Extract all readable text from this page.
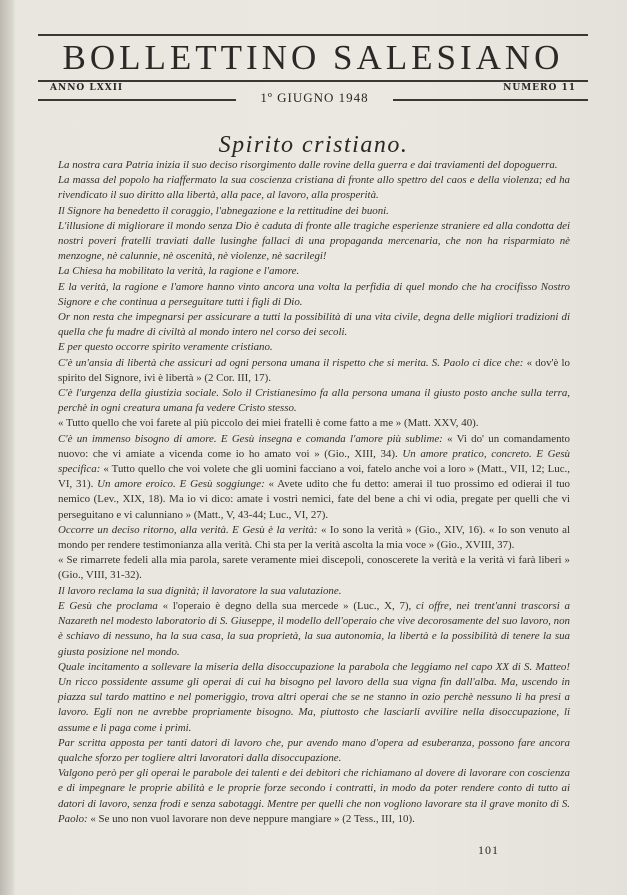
BOLLETTINO SALESIANO
ANNO LXXII	NUMERO 11
1º GIUGNO 1948
Spirito cristiano.

La nostra cara Patria inizia il suo deciso risorgimento dalle rovine della guerra e dai traviamenti del dopoguerra.

La massa del popolo ha riaffermato la sua coscienza cristiana di fronte allo spettro del caos e della violenza; ed ha rivendicato il suo diritto alla libertà, alla pace, al lavoro, alla prosperità.

Il Signore ha benedetto il coraggio, l'abnegazione e la rettitudine dei buoni.

L'illusione di migliorare il mondo senza Dio è caduta di fronte alle tragiche esperienze straniere ed alla condotta dei nostri poveri fratelli traviati dalle lusinghe fallaci di una propaganda mercenaria, che non ha risparmiato nè menzogne, nè calunnie, nè oscenità, nè violenze, nè sacrilegi!

La Chiesa ha mobilitato la verità, la ragione e l'amore.

E la verità, la ragione e l'amore hanno vinto ancora una volta la perfidia di quel mondo che ha crocifisso Nostro Signore e che continua a perseguitare tutti i figli di Dio.

Or non resta che impegnarsi per assicurare a tutti la possibilità di una vita civile, degna delle migliori tradizioni di quella che fu madre di civiltà al mondo intero nel corso dei secoli.

E per questo occorre spirito veramente cristiano.

C'è un'ansia di libertà che assicuri ad ogni persona umana il rispetto che si merita. S. Paolo ci dice che: « dov'è lo spirito del Signore, ivi è libertà » (2 Cor. III, 17).

C'è l'urgenza della giustizia sociale. Solo il Cristianesimo fa alla persona umana il giusto posto anche sulla terra, perchè in ogni creatura umana fa vedere Cristo stesso.

« Tutto quello che voi farete al più piccolo dei miei fratelli è come fatto a me » (Matt. XXV, 40).

C'è un immenso bisogno di amore. E Gesù insegna e comanda l'amore più sublime: « Vi do' un comandamento nuovo: che vi amiate a vicenda come io ho amato voi » (Gio., XIII, 34). Un amore pratico, concreto. E Gesù specifica: « Tutto quello che voi volete che gli uomini facciano a voi, fatelo anche voi a loro » (Matt., VII, 12; Luc., VI, 31). Un amore eroico. E Gesù soggiunge: « Avete udito che fu detto: amerai il tuo prossimo ed odierai il tuo nemico (Lev., XIX, 18). Ma io vi dico: amate i vostri nemici, fate del bene a chi vi odia, pregate per quelli che vi perseguitano e vi calunniano » (Matt., V, 43-44; Luc., VI, 27).

Occorre un deciso ritorno, alla verità. E Gesù è la verità: « Io sono la verità » (Gio., XIV, 16). « Io son venuto al mondo per rendere testimonianza alla verità. Chi sta per la verità ascolta la mia voce » (Gio., XVIII, 37).

« Se rimarrete fedeli alla mia parola, sarete veramente miei discepoli, conoscerete la verità e la verità vi farà liberi » (Gio., VIII, 31-32).

Il lavoro reclama la sua dignità; il lavoratore la sua valutazione.

E Gesù che proclama « l'operaio è degno della sua mercede » (Luc., X, 7), ci offre, nei trent'anni trascorsi a Nazareth nel modesto laboratorio di S. Giuseppe, il modello dell'operaio che vive decorosamente del suo lavoro, non è schiavo di nessuno, ha la sua casa, la sua proprietà, la sua autonomia, la libertà e la possibilità di tenere la sua giusta posizione nel mondo.

Quale incitamento a sollevare la miseria della disoccupazione la parabola che leggiamo nel capo XX di S. Matteo! Un ricco possidente assume gli operai di cui ha bisogno pel lavoro della sua vigna fin dall'alba. Ma, uscendo in piazza sul tardo mattino e nel pomeriggio, trova altri operai che se ne stanno in ozio perchè nessuno li ha presi a lavoro. Egli non ne avrebbe propriamente bisogno. Ma, piuttosto che lasciarli avvilire nella disoccupazione, li assume e li paga come i primi.

Par scritta apposta per tanti datori di lavoro che, pur avendo mano d'opera ad esuberanza, possono fare ancora qualche sforzo per togliere altri lavoratori dalla disoccupazione.

Valgono però per gli operai le parabole dei talenti e dei debitori che richiamano al dovere di lavorare con coscienza e di impegnare le proprie abilità e le proprie forze secondo i contratti, in modo da poter rendere conto di tutto ai datori di lavoro, senza frodi e senza sabotaggi. Mentre per quelli che non vogliono lavorare sta il grave monito di S. Paolo: « Se uno non vuol lavorare non deve neppure mangiare » (2 Tess., III, 10).

101
